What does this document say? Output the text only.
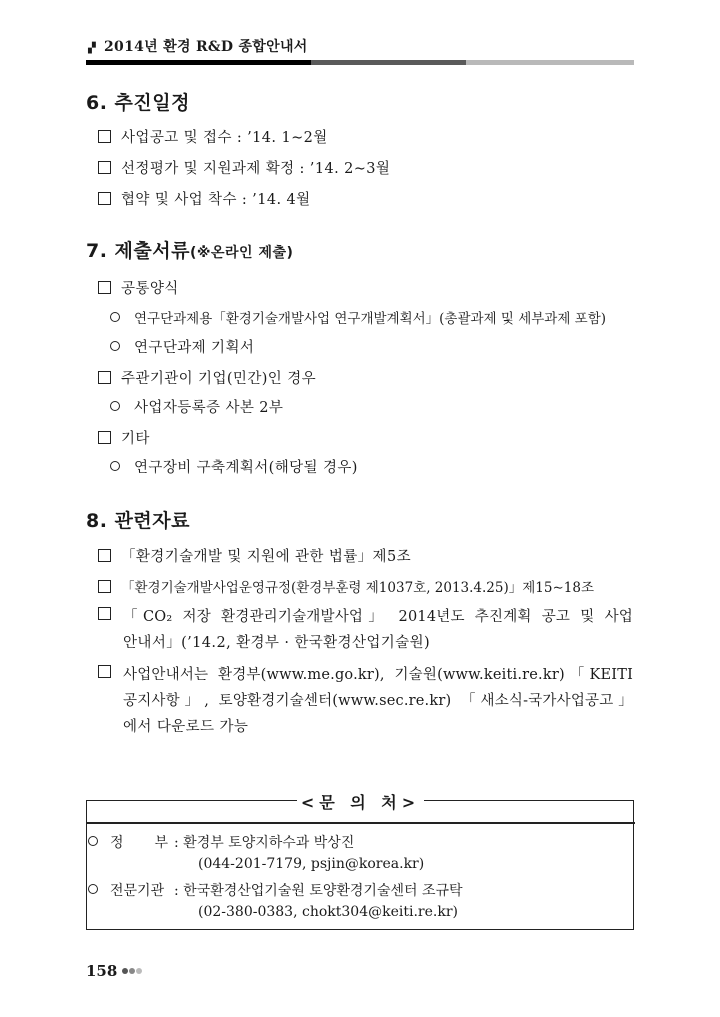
▞ 2014년 환경 R&D 종합안내서
6. 추진일정
사업공고 및 접수 : ’14. 1∼2월
선정평가 및 지원과제 확정 : ’14. 2∼3월
협약 및 사업 착수 : ’14. 4월
7. 제출서류(※온라인 제출)
공통양식
연구단과제용「환경기술개발사업 연구개발계획서」(총괄과제 및 세부과제 포함)
연구단과제 기획서
주관기관이 기업(민간)인 경우
사업자등록증 사본 2부
기타
연구장비 구축계획서(해당될 경우)
8. 관련자료
「환경기술개발 및 지원에 관한 법률」제5조
「환경기술개발사업운영규정(환경부훈령 제1037호, 2013.4.25)」제15∼18조
「CO₂ 저장 환경관리기술개발사업」 2014년도 추진계획 공고 및 사업
안내서」(’14.2, 환경부 · 한국환경산업기술원)
사업안내서는 환경부(www.me.go.kr), 기술원(www.keiti.re.kr)「KEITI
공지사항」, 토양환경기술센터(www.sec.re.kr) 「새소식-국가사업공고」
에서 다운로드 가능
<문 의 처>
정 부 : 환경부 토양지하수과 박상진
(044-201-7179, psjin@korea.kr)
전문기관 : 한국환경산업기술원 토양환경기술센터 조규탁
(02-380-0383, chokt304@keiti.re.kr)
158
